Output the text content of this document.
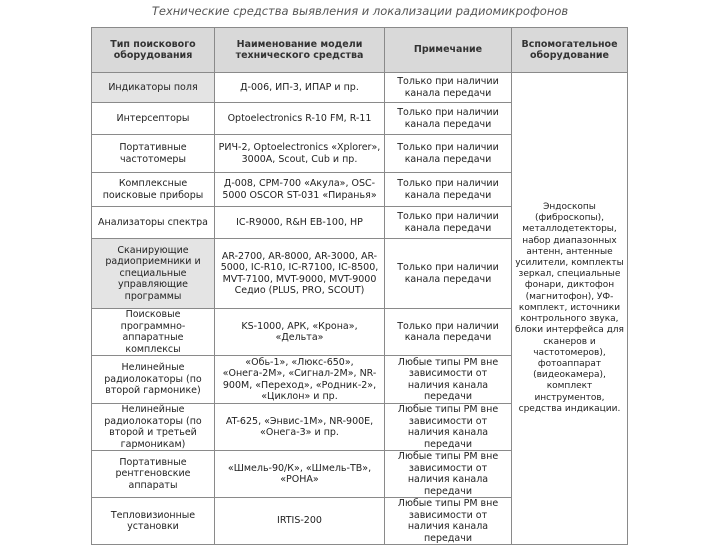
Технические средства выявления и локализации радиомикрофонов
Тип поискового оборудования	Наименование модели технического средства	Примечание	Вспомогательное оборудование
Индикаторы поля	Д-006, ИП-3, ИПАР и пр.	Только при наличии канала передачи	Эндоскопы (фиброскопы), металлодетекторы, набор диапазонных антенн, антенные усилители, комплекты зеркал, специальные фонари, диктофон (магнитофон), УФ-комплект, источники контрольного звука, блоки интерфейса для сканеров и частотомеров), фотоаппарат (видеокамера), комплект инструментов, средства индикации.
Интерсепторы	Optoelectronics R-10 FM, R-11	Только при наличии канала передачи	
Портативные частотомеры	РИЧ-2, Optoelectronics «Xplorer», 3000A, Scout, Cub и пр.	Только при наличии канала передачи	
Комплексные поисковые приборы	Д-008, CPM-700 «Акула», OSC-5000 OSCOR ST-031 «Пиранья»	Только при наличии канала передачи	
Анализаторы спектра	IC-R9000, R&H EB-100, HP	Только при наличии канала передачи	
Сканирующие радиоприемники и специальные управляющие программы	AR-2700, AR-8000, AR-3000, AR-5000, IC-R10, IC-R7100, IC-8500, MVT-7100, MVT-9000, MVT-9000 Седио (PLUS, PRO, SCOUT)	Только при наличии канала передачи	
Поисковые программно-аппаратные комплексы	KS-1000, АРК, «Крона», «Дельта»	Только при наличии канала передачи	
Нелинейные радиолокаторы (по второй гармонике)	«Обь-1», «Люкс-650», «Онега-2М», «Сигнал-2М», NR-900М, «Переход», «Родник-2», «Циклон» и пр.	Любые типы РМ вне зависимости от наличия канала передачи	
Нелинейные радиолокаторы (по второй и третьей гармоникам)	AT-625, «Энвис-1М», NR-900E, «Онега-3» и пр.	Любые типы РМ вне зависимости от наличия канала передачи	
Портативные рентгеновские аппараты	«Шмель-90/К», «Шмель-ТВ», «РОНА»	Любые типы РМ вне зависимости от наличия канала передачи	
Тепловизионные установки	IRTIS-200	Любые типы РМ вне зависимости от наличия канала передачи	
